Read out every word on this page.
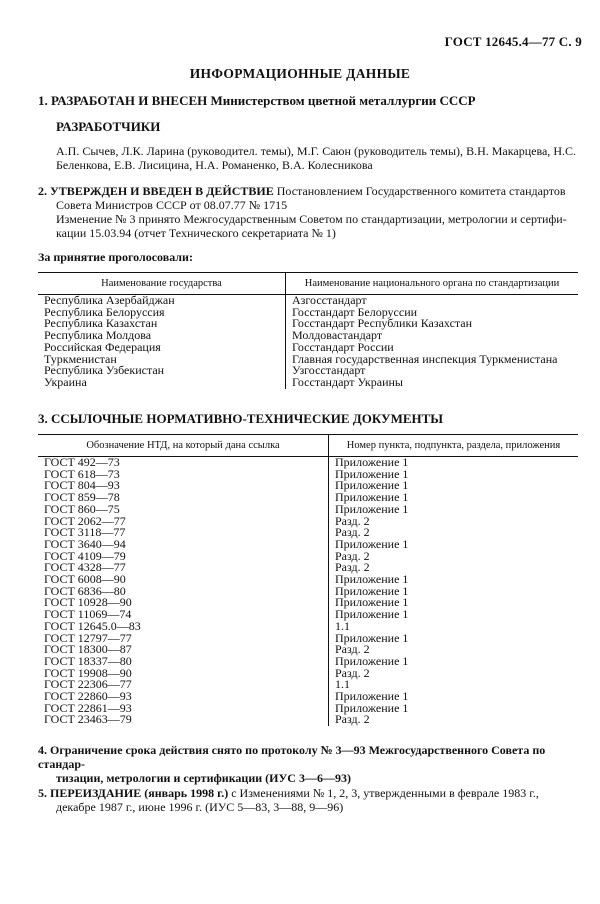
ГОСТ 12645.4—77 С. 9
ИНФОРМАЦИОННЫЕ ДАННЫЕ
1. РАЗРАБОТАН И ВНЕСЕН Министерством цветной металлургии СССР
РАЗРАБОТЧИКИ
А.П. Сычев, Л.К. Ларина (руководител. темы), М.Г. Саюн (руководитель темы), В.Н. Макарцева, Н.С. Беленкова, Е.В. Лисицина, Н.А. Романенко, В.А. Колесникова
2. УТВЕРЖДЕН И ВВЕДЕН В ДЕЙСТВИЕ Постановлением Государственного комитета стандартов
Совета Министров СССР от 08.07.77 № 1715
Изменение № 3 принято Межгосударственным Советом по стандартизации, метрологии и сертифи-
кации 15.03.94 (отчет Технического секретариата № 1)
За принятие проголосовали:
Наименование государства	Наименование национального органа по стандартизации
Республика Азербайджан	Азгосстандарт
Республика Белоруссия	Госстандарт Белоруссии
Республика Казахстан	Госстандарт Республики Казахстан
Республика Молдова	Молдовастандарт
Российская Федерация	Госстандарт России
Туркменистан	Главная государственная инспекция Туркменистана
Республика Узбекистан	Узгосстандарт
Украина	Госстандарт Украины
3. ССЫЛОЧНЫЕ НОРМАТИВНО-ТЕХНИЧЕСКИЕ ДОКУМЕНТЫ
Обозначение НТД, на который дана ссылка	Номер пункта, подпункта, раздела, приложения
ГОСТ 492—73	Приложение 1
ГОСТ 618—73	Приложение 1
ГОСТ 804—93	Приложение 1
ГОСТ 859—78	Приложение 1
ГОСТ 860—75	Приложение 1
ГОСТ 2062—77	Разд. 2
ГОСТ 3118—77	Разд. 2
ГОСТ 3640—94	Приложение 1
ГОСТ 4109—79	Разд. 2
ГОСТ 4328—77	Разд. 2
ГОСТ 6008—90	Приложение 1
ГОСТ 6836—80	Приложение 1
ГОСТ 10928—90	Приложение 1
ГОСТ 11069—74	Приложение 1
ГОСТ 12645.0—83	1.1
ГОСТ 12797—77	Приложение 1
ГОСТ 18300—87	Разд. 2
ГОСТ 18337—80	Приложение 1
ГОСТ 19908—90	Разд. 2
ГОСТ 22306—77	1.1
ГОСТ 22860—93	Приложение 1
ГОСТ 22861—93	Приложение 1
ГОСТ 23463—79	Разд. 2
4. Ограничение срока действия снято по протоколу № 3—93 Межгосударственного Совета по стандар-
тизации, метрологии и сертификации (ИУС 3—6—93)
5. ПЕРЕИЗДАНИЕ (январь 1998 г.) с Изменениями № 1, 2, 3, утвержденными в феврале 1983 г.,
декабре 1987 г., июне 1996 г. (ИУС 5—83, 3—88, 9—96)
